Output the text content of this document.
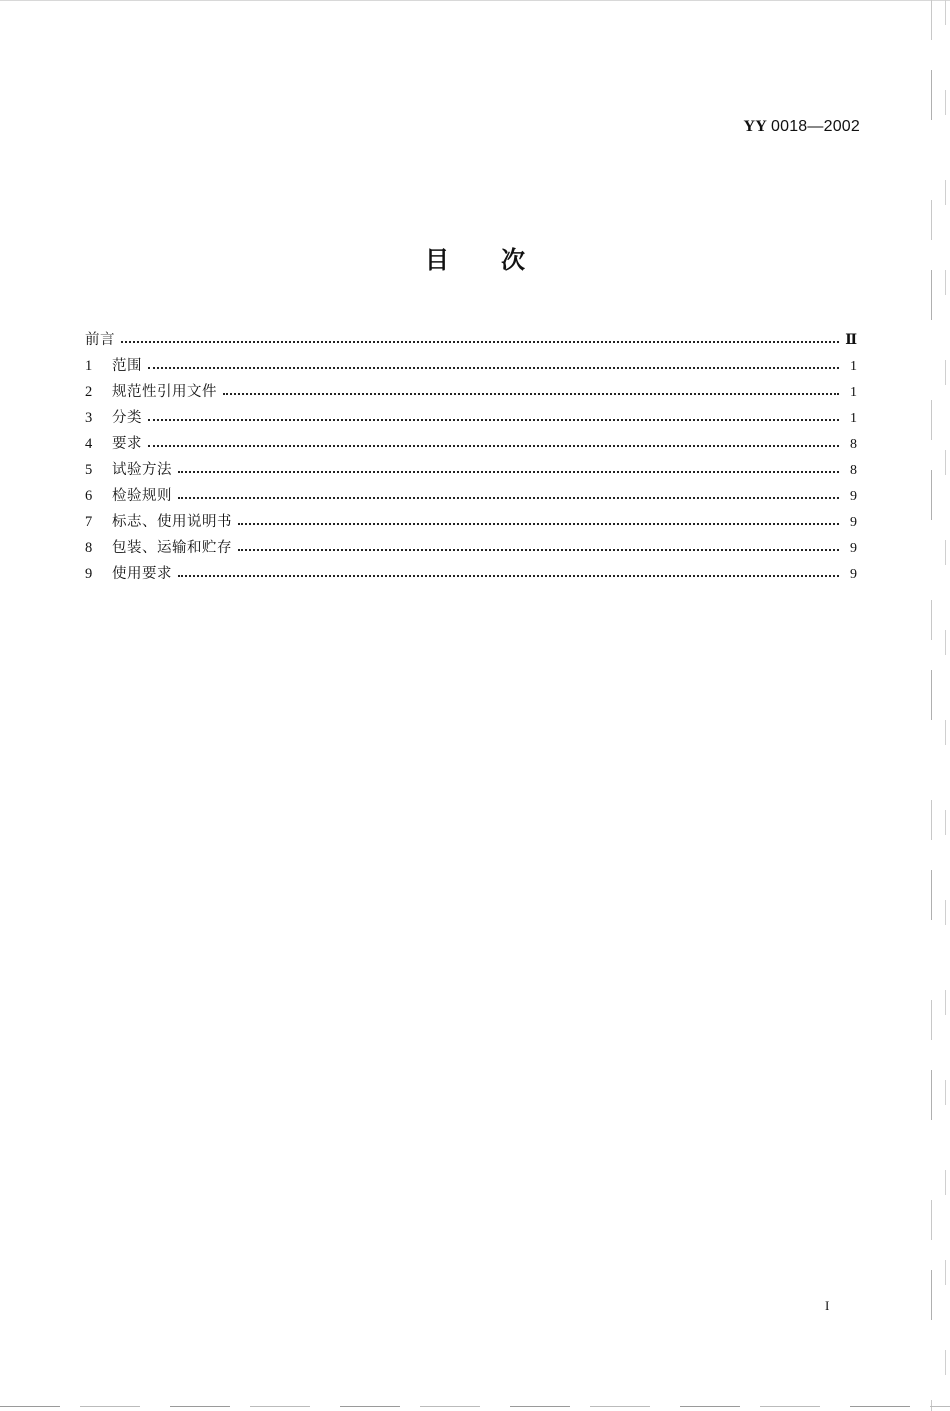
YY 0018—2002
目次
前言	Ⅱ
1	范围	1
2	规范性引用文件	1
3	分类	1
4	要求	8
5	试验方法	8
6	检验规则	9
7	标志、使用说明书	9
8	包装、运输和贮存	9
9	使用要求	9
I
